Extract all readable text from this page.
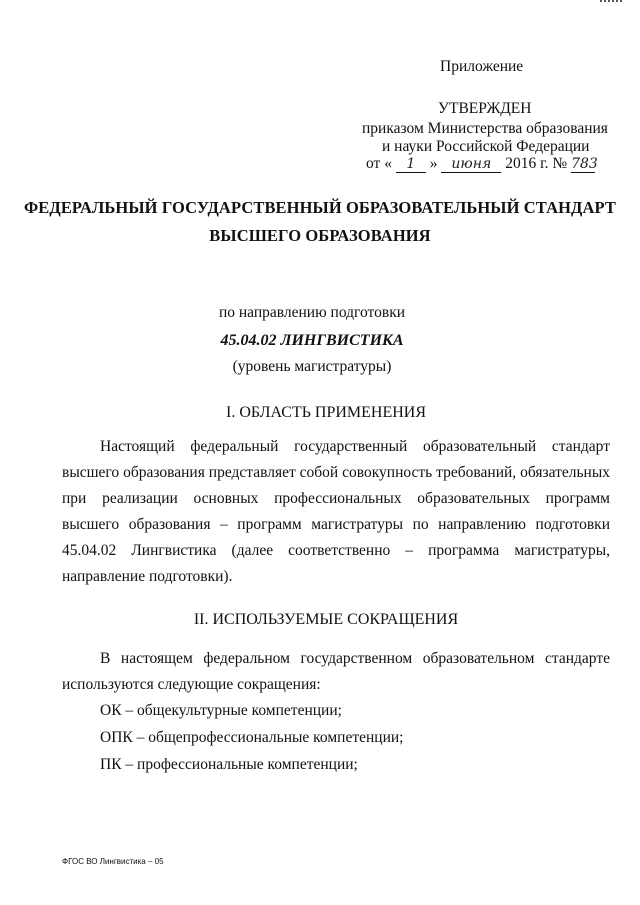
Приложение
УТВЕРЖДЕН
приказом Министерства образования
и науки Российской Федерации
от « 1 » июня 2016 г. № 783
ФЕДЕРАЛЬНЫЙ ГОСУДАРСТВЕННЫЙ ОБРАЗОВАТЕЛЬНЫЙ СТАНДАРТ
ВЫСШЕГО ОБРАЗОВАНИЯ
по направлению подготовки
45.04.02 ЛИНГВИСТИКА
(уровень магистратуры)
I. ОБЛАСТЬ ПРИМЕНЕНИЯ
Настоящий федеральный государственный образовательный стандарт высшего образования представляет собой совокупность требований, обязательных при реализации основных профессиональных образовательных программ высшего образования – программ магистратуры по направлению подготовки 45.04.02 Лингвистика (далее соответственно – программа магистратуры, направление подготовки).
II. ИСПОЛЬЗУЕМЫЕ СОКРАЩЕНИЯ
В настоящем федеральном государственном образовательном стандарте используются следующие сокращения:
ОК – общекультурные компетенции;
ОПК – общепрофессиональные компетенции;
ПК – профессиональные компетенции;
ФГОС ВО Лингвистика – 05
